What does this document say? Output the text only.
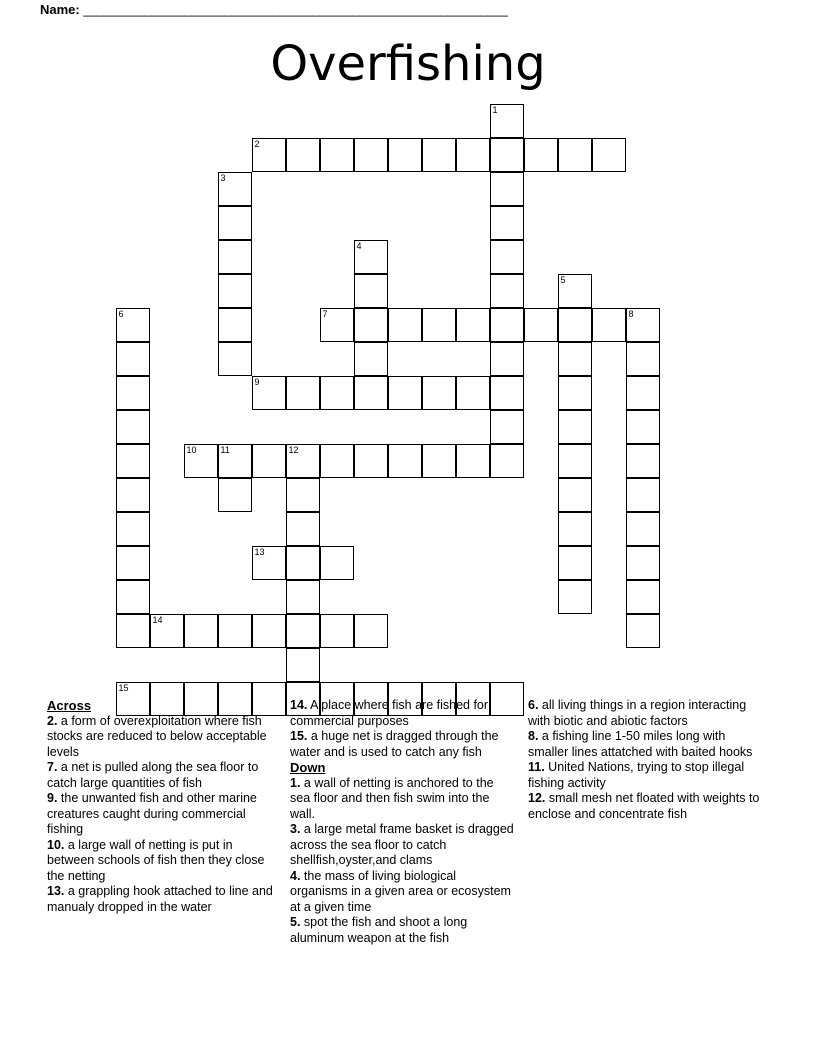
Name: _______________________________________________________________
Overfishing
1
2
3
4
5
6	7	8
9
10	11	12
13
14
15
Across
2. a form of overexploitation where fish stocks are reduced to below acceptable levels
7. a net is pulled along the sea floor to catch large quantities of fish
9. the unwanted fish and other marine creatures caught during commercial fishing
10. a large wall of netting is put in between schools of fish then they close the netting
13. a grappling hook attached to line and manualy dropped in the water
14. A place where fish are fished for commercial purposes
15. a huge net is dragged through the water and is used to catch any fish
Down
1. a wall of netting is anchored to the sea floor and then fish swim into the wall.
3. a large metal frame basket is dragged across the sea floor to catch shellfish,oyster,and clams
4. the mass of living biological organisms in a given area or ecosystem at a given time
5. spot the fish and shoot a long aluminum weapon at the fish
6. all living things in a region interacting with biotic and abiotic factors
8. a fishing line 1-50 miles long with smaller lines attatched with baited hooks
11. United Nations, trying to stop illegal fishing activity
12. small mesh net floated with weights to enclose and concentrate fish
